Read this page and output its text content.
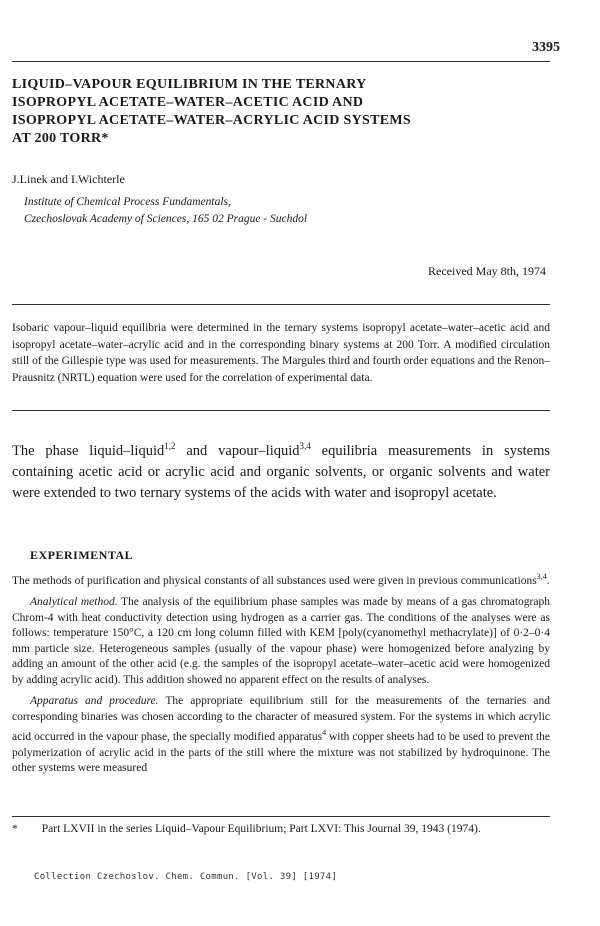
3395
LIQUID–VAPOUR EQUILIBRIUM IN THE TERNARY
ISOPROPYL ACETATE–WATER–ACETIC ACID AND
ISOPROPYL ACETATE–WATER–ACRYLIC ACID SYSTEMS
AT 200 TORR*
J.Linek and I.Wichterle
Institute of Chemical Process Fundamentals,
Czechoslovak Academy of Sciences, 165 02 Prague - Suchdol
Received May 8th, 1974
Isobaric vapour–liquid equilibria were determined in the ternary systems isopropyl acetate–water–acetic acid and isopropyl acetate–water–acrylic acid and in the corresponding binary systems at 200 Torr. A modified circulation still of the Gillespie type was used for measurements. The Margules third and fourth order equations and the Renon–Prausnitz (NRTL) equation were used for the correlation of experimental data.
The phase liquid–liquid$^{1,2}$ and vapour–liquid$^{3,4}$ equilibria measurements in systems containing acetic acid or acrylic acid and organic solvents, or organic solvents and water were extended to two ternary systems of the acids with water and isopropyl acetate.
EXPERIMENTAL

The methods of purification and physical constants of all substances used were given in previous communications$^{3,4}$.

Analytical method. The analysis of the equilibrium phase samples was made by means of a gas chromatograph Chrom-4 with heat conductivity detection using hydrogen as a carrier gas. The conditions of the analyses were as follows: temperature 150°C, a 120 cm long column filled with KEM [poly(cyanomethyl methacrylate)] of 0·2–0·4 mm particle size. Heterogeneous samples (usually of the vapour phase) were homogenized before analyzing by adding an amount of the other acid (e.g. the samples of the isopropyl acetate–water–acetic acid were homogenized by adding acrylic acid). This addition showed no apparent effect on the results of analyses.

Apparatus and procedure. The appropriate equilibrium still for the measurements of the ternaries and corresponding binaries was chosen according to the character of measured system. For the systems in which acrylic acid occurred in the vapour phase, the specially modified apparatus$^4$ with copper sheets had to be used to prevent the polymerization of acrylic acid in the parts of the still where the mixture was not stabilized by hydroquinone. The other systems were measured

* Part LXVII in the series Liquid–Vapour Equilibrium; Part LXVI: This Journal 39, 1943 (1974).
Collection Czechoslov. Chem. Commun. [Vol. 39] [1974]
